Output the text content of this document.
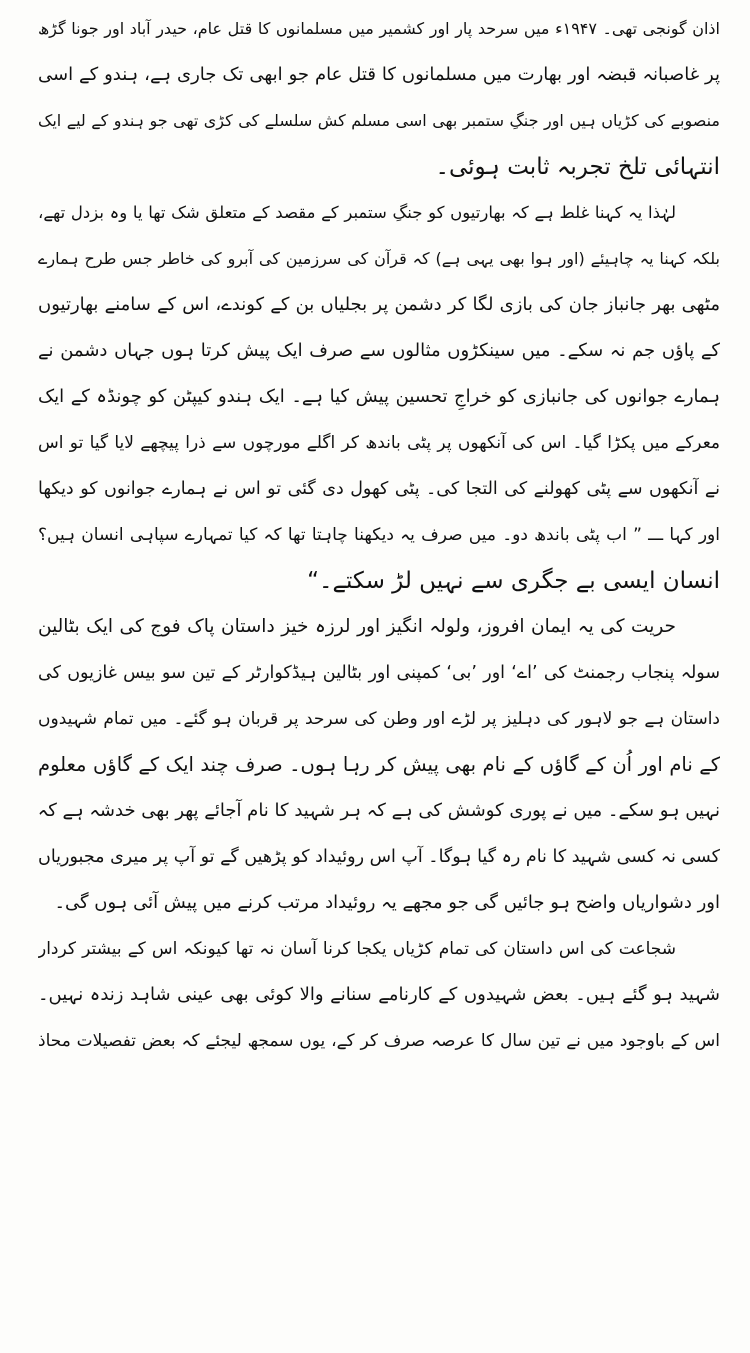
اذان گونجی تھی۔ ۱۹۴۷ء میں سرحد پار اور کشمیر میں مسلمانوں کا قتل عام، حیدر آباد اور جونا گڑھ
پر غاصبانہ قبضہ اور بھارت میں مسلمانوں کا قتل عام جو ابھی تک جاری ہے، ہندو کے اسی
منصوبے کی کڑیاں ہیں اور جنگِ ستمبر بھی اسی مسلم کش سلسلے کی کڑی تھی جو ہندو کے لیے ایک
انتہائی تلخ تجربہ ثابت ہوئی۔

لہٰذا یہ کہنا غلط ہے کہ بھارتیوں کو جنگِ ستمبر کے مقصد کے متعلق شک تھا یا وہ بزدل تھے،
بلکہ کہنا یہ چاہیئے (اور ہوا بھی یہی ہے) کہ قرآن کی سرزمین کی آبرو کی خاطر جس طرح ہمارے
مٹھی بھر جانباز جان کی بازی لگا کر دشمن پر بجلیاں بن کے کوندے، اس کے سامنے بھارتیوں
کے پاؤں جم نہ سکے۔ میں سینکڑوں مثالوں سے صرف ایک پیش کرتا ہوں جہاں دشمن نے
ہمارے جوانوں کی جانبازی کو خراجِ تحسین پیش کیا ہے۔ ایک ہندو کیپٹن کو چونڈہ کے ایک
معرکے میں پکڑا گیا۔ اس کی آنکھوں پر پٹی باندھ کر اگلے مورچوں سے ذرا پیچھے لایا گیا تو اس
نے آنکھوں سے پٹی کھولنے کی التجا کی۔ پٹی کھول دی گئی تو اس نے ہمارے جوانوں کو دیکھا
اور کہا ـــ ” اب پٹی باندھ دو۔ میں صرف یہ دیکھنا چاہتا تھا کہ کیا تمہارے سپاہی انسان ہیں؟
انسان ایسی بے جگری سے نہیں لڑ سکتے۔“

حریت کی یہ ایمان افروز، ولولہ انگیز اور لرزہ خیز داستان پاک فوج کی ایک بٹالین
سولہ پنجاب رجمنٹ کی ’اے‘ اور ’بی‘ کمپنی اور بٹالین ہیڈکوارٹر کے تین سو بیس غازیوں کی
داستان ہے جو لاہور کی دہلیز پر لڑے اور وطن کی سرحد پر قربان ہو گئے۔ میں تمام شہیدوں
کے نام اور اُن کے گاؤں کے نام بھی پیش کر رہا ہوں۔ صرف چند ایک کے گاؤں معلوم
نہیں ہو سکے۔ میں نے پوری کوشش کی ہے کہ ہر شہید کا نام آجائے پھر بھی خدشہ ہے کہ
کسی نہ کسی شہید کا نام رہ گیا ہوگا۔ آپ اس روئیداد کو پڑھیں گے تو آپ پر میری مجبوریاں
اور دشواریاں واضح ہو جائیں گی جو مجھے یہ روئیداد مرتب کرنے میں پیش آئی ہوں گی۔

شجاعت کی اس داستان کی تمام کڑیاں یکجا کرنا آسان نہ تھا کیونکہ اس کے بیشتر کردار
شہید ہو گئے ہیں۔ بعض شہیدوں کے کارنامے سنانے والا کوئی بھی عینی شاہد زندہ نہیں۔
اس کے باوجود میں نے تین سال کا عرصہ صرف کر کے، یوں سمجھ لیجئے کہ بعض تفصیلات محاذ
